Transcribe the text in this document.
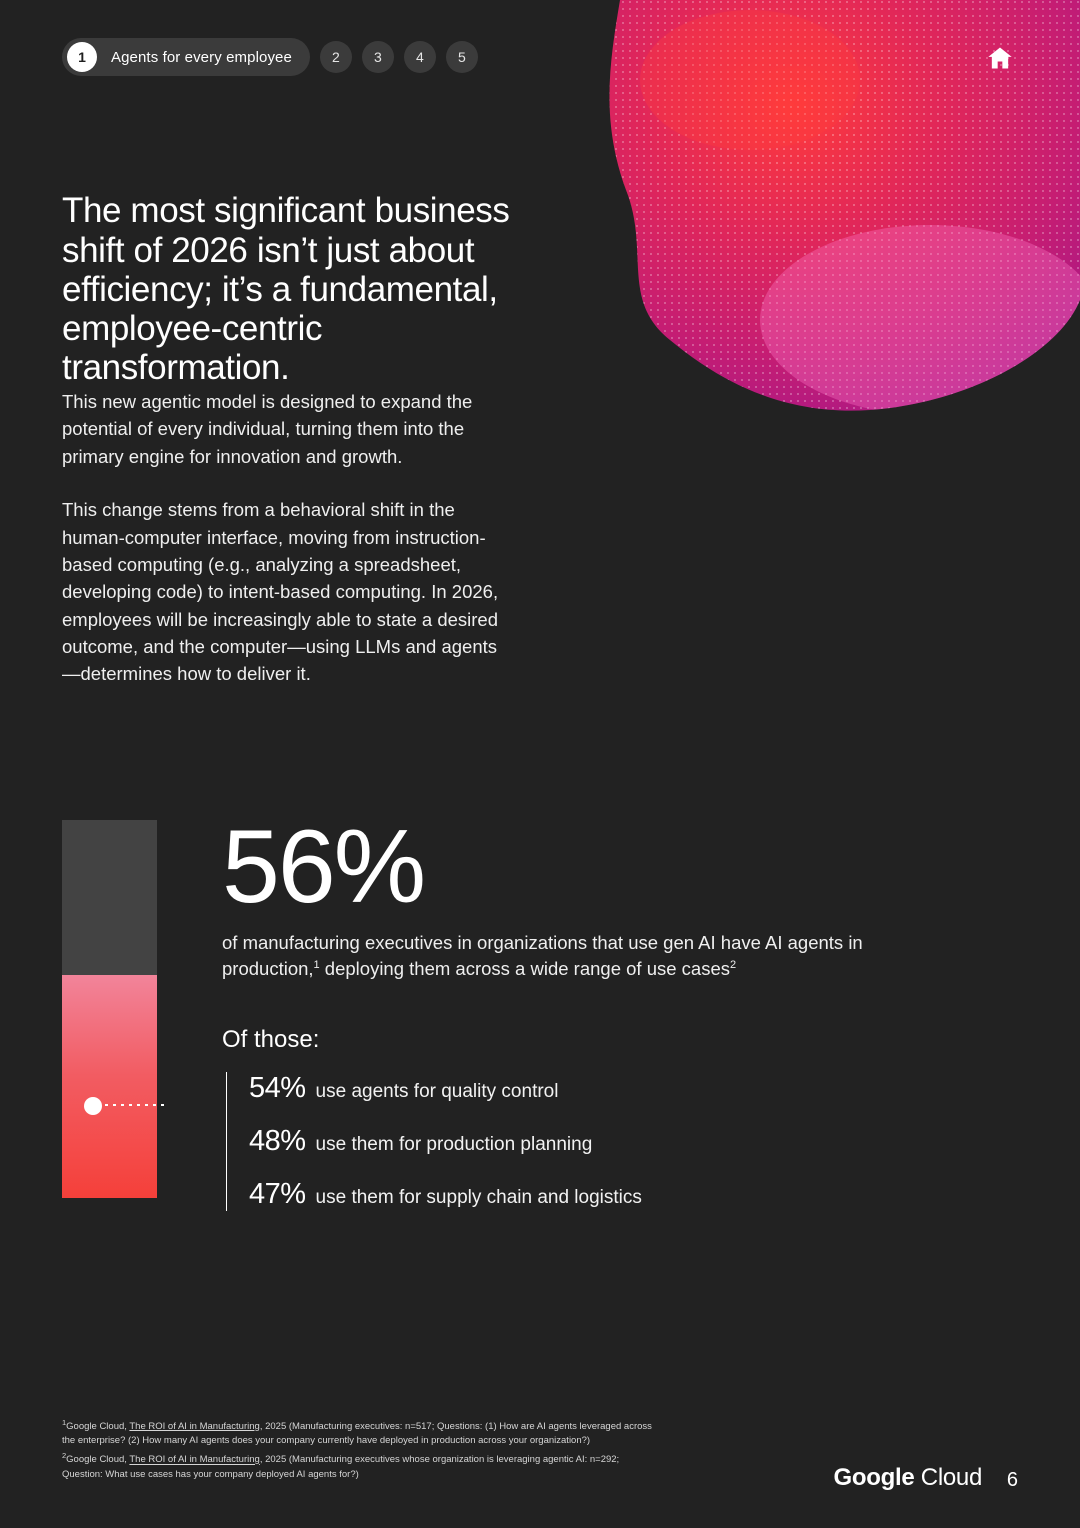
1	Agents for every employee	2	3	4	5
The most significant business shift of 2026 isn’t just about efficiency; it’s a fundamental, employee-centric transformation.

This new agentic model is designed to expand the potential of every individual, turning them into the primary engine for innovation and growth.

This change stems from a behavioral shift in the human-computer interface, moving from instruction-based computing (e.g., analyzing a spreadsheet, developing code) to intent-based computing. In 2026, employees will be increasingly able to state a desired outcome, and the computer—using LLMs and agents—determines how to deliver it.

56%
of manufacturing executives in organizations that use gen AI have AI agents in production,$^1$ deploying them across a wide range of use cases$^2$
Of those:
54% use agents for quality control
48% use them for production planning
47% use them for supply chain and logistics

$^1$Google Cloud, The ROI of AI in Manufacturing, 2025 (Manufacturing executives: n=517; Questions: (1) How are AI agents leveraged across the enterprise? (2) How many AI agents does your company currently have deployed in production across your organization?)

$^2$Google Cloud, The ROI of AI in Manufacturing, 2025 (Manufacturing executives whose organization is leveraging agentic AI: n=292; Question: What use cases has your company deployed AI agents for?)	Google Cloud 6
